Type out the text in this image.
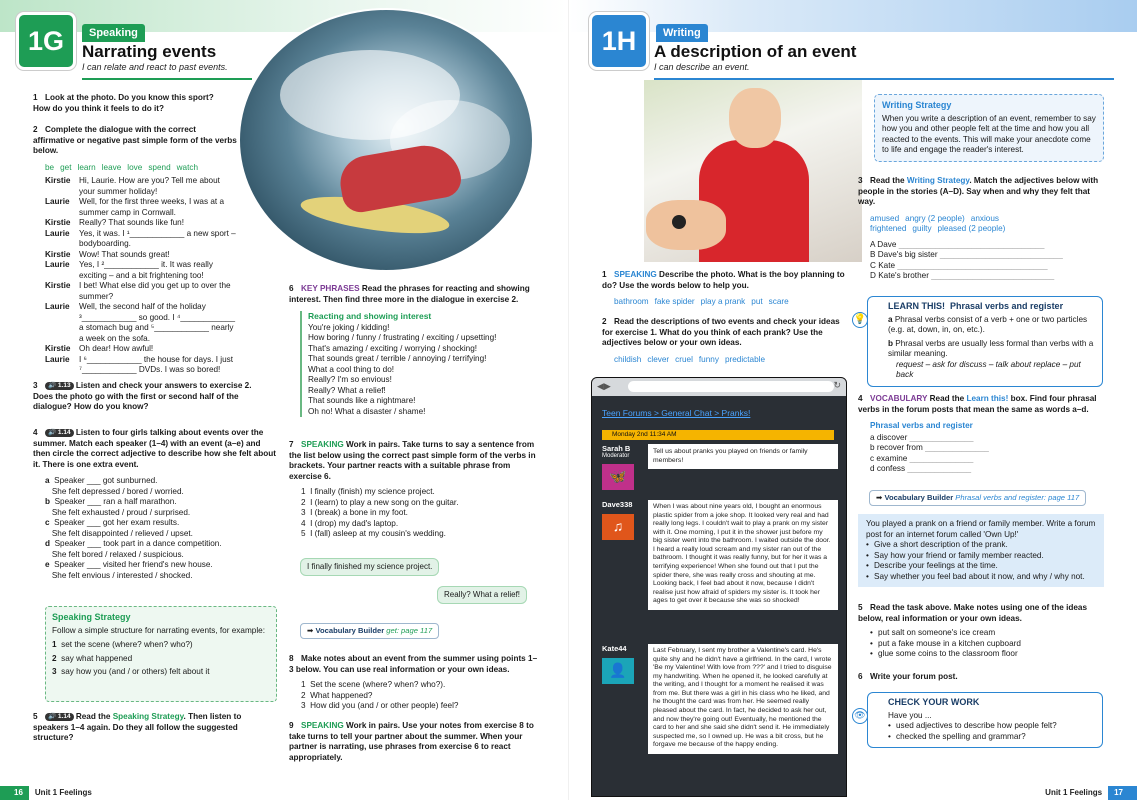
1G	Speaking
Narrating events
I can relate and react to past events.
1 Look at the photo. Do you know this sport? How do you think it feels to do it?
2 Complete the dialogue with the correct affirmative or negative past simple form of the verbs below.
be get learn leave love spend watch
Kirstie	Hi, Laurie. How are you? Tell me about your summer holiday!
Laurie	Well, for the first three weeks, I was at a summer camp in Cornwall.
Kirstie	Really? That sounds like fun!
Laurie	Yes, it was. I ¹____________ a new sport – bodyboarding.
Kirstie	Wow! That sounds great!
Laurie	Yes, I ²____________ it. It was really exciting – and a bit frightening too!
Kirstie	I bet! What else did you get up to over the summer?
Laurie	Well, the second half of the holiday ³____________ so good. I ⁴____________ a stomach bug and ⁵____________ nearly a week on the sofa.
Kirstie	Oh dear! How awful!
Laurie	I ⁶____________ the house for days. I just ⁷____________ DVDs. I was so bored!
3 🔊 1.13 Listen and check your answers to exercise 2. Does the photo go with the first or second half of the dialogue? How do you know?
4 🔊 1.14 Listen to four girls talking about events over the summer. Match each speaker (1–4) with an event (a–e) and then circle the correct adjective to describe how she felt about it. There is one extra event.
a Speaker ___ got sunburned.
She felt depressed / bored / worried.
b Speaker ___ ran a half marathon.
She felt exhausted / proud / surprised.
c Speaker ___ got her exam results.
She felt disappointed / relieved / upset.
d Speaker ___ took part in a dance competition.
She felt bored / relaxed / suspicious.
e Speaker ___ visited her friend's new house.
She felt envious / interested / shocked.
Speaking Strategy
Follow a simple structure for narrating events, for example:
1 set the scene (where? when? who?)
2 say what happened
3 say how you (and / or others) felt about it
5 🔊 1.14 Read the Speaking Strategy. Then listen to speakers 1–4 again. Do they all follow the suggested structure?
6 KEY PHRASES Read the phrases for reacting and showing interest. Then find three more in the dialogue in exercise 2.
Reacting and showing interest
You're joking / kidding!
How boring / funny / frustrating / exciting / upsetting!
That's amazing / exciting / worrying / shocking!
That sounds great / terrible / annoying / terrifying!
What a cool thing to do!
Really? I'm so envious!
Really? What a relief!
That sounds like a nightmare!
Oh no! What a disaster / shame!
7 SPEAKING Work in pairs. Take turns to say a sentence from the list below using the correct past simple form of the verbs in brackets. Your partner reacts with a suitable phrase from exercise 6.
1  I finally (finish) my science project.
2  I (learn) to play a new song on the guitar.
3  I (break) a bone in my foot.
4  I (drop) my dad's laptop.
5  I (fall) asleep at my cousin's wedding.
I finally finished my science project.
Really? What a relief!
➡ Vocabulary Builder get: page 117
8 Make notes about an event from the summer using points 1–3 below. You can use real information or your own ideas.
1  Set the scene (where? when? who?).
2  What happened?
3  How did you (and / or other people) feel?
9 SPEAKING Work in pairs. Use your notes from exercise 8 to take turns to tell your partner about the summer. When your partner is narrating, use phrases from exercise 6 to react appropriately.
16 Unit 1 Feelings
1H	Writing
A description of an event
I can describe an event.
Writing Strategy
When you write a description of an event, remember to say how you and other people felt at the time and how you all reacted to the events. This will make your anecdote come to life and engage the reader's interest.
3 Read the Writing Strategy. Match the adjectives below with people in the stories (A–D). Say when and why they felt that way.
amused angry (2 people) anxious
frightened guilty pleased (2 people)
A Dave ________________________________
B Dave's big sister ___________________________
C Kate _________________________________
D Kate's brother ___________________________
💡
LEARN THIS! Phrasal verbs and register
a Phrasal verbs consist of a verb + one or two particles (e.g. at, down, in, on, etc.).
b Phrasal verbs are usually less formal than verbs with a similar meaning.
request – ask for discuss – talk about replace – put back
4 VOCABULARY Read the Learn this! box. Find four phrasal verbs in the forum posts that mean the same as words a–d.
Phrasal verbs and register
a discover ______________
b recover from ______________
c examine ______________
d confess ______________
➡ Vocabulary Builder Phrasal verbs and register: page 117
You played a prank on a friend or family member. Write a forum post for an internet forum called 'Own Up!'
• Give a short description of the prank.
• Say how your friend or family member reacted.
• Describe your feelings at the time.
• Say whether you feel bad about it now, and why / why not.
5 Read the task above. Make notes using one of the ideas below, real information or your own ideas.
• put salt on someone's ice cream
• put a fake mouse in a kitchen cupboard
• glue some coins to the classroom floor
6 Write your forum post.
👁
CHECK YOUR WORK
Have you ...
• used adjectives to describe how people felt?
• checked the spelling and grammar?
1 SPEAKING Describe the photo. What is the boy planning to do? Use the words below to help you.
bathroom fake spider play a prank put scare
2 Read the descriptions of two events and check your ideas for exercise 1. What do you think of each prank? Use the adjectives below or your own ideas.
childish clever cruel funny predictable
◀▶	↻
Teen Forums > General Chat > Pranks!
Monday 2nd 11:34 AM
Sarah B
Moderator
🦋
Tell us about pranks you played on friends or family members!
Dave338
♫
When I was about nine years old, I bought an enormous plastic spider from a joke shop. It looked very real and had really long legs. I couldn't wait to play a prank on my sister with it. One morning, I put it in the shower just before my big sister went into the bathroom. I waited outside the door. I heard a really loud scream and my sister ran out of the bathroom. I thought it was really funny, but for her it was a terrifying experience! When she found out that I put the spider there, she was really cross and shouting at me. Looking back, I feel bad about it now, because I didn't realise just how afraid of spiders my sister is. It took her ages to get over it because she was so shocked!
Kate44
👤
Last February, I sent my brother a Valentine's card. He's quite shy and he didn't have a girlfriend. In the card, I wrote 'Be my Valentine! With love from ???' and I tried to disguise my handwriting. When he opened it, he looked carefully at the writing, and I thought for a moment he realised it was from me. But there was a girl in his class who he liked, and he thought the card was from her. He seemed really pleased about the card. In fact, he decided to ask her out, and now they're going out! Eventually, he mentioned the card to her and she said she didn't send it. He immediately suspected me, so I owned up. He was a bit cross, but he forgave me because of the happy ending.
Unit 1 Feelings 17
